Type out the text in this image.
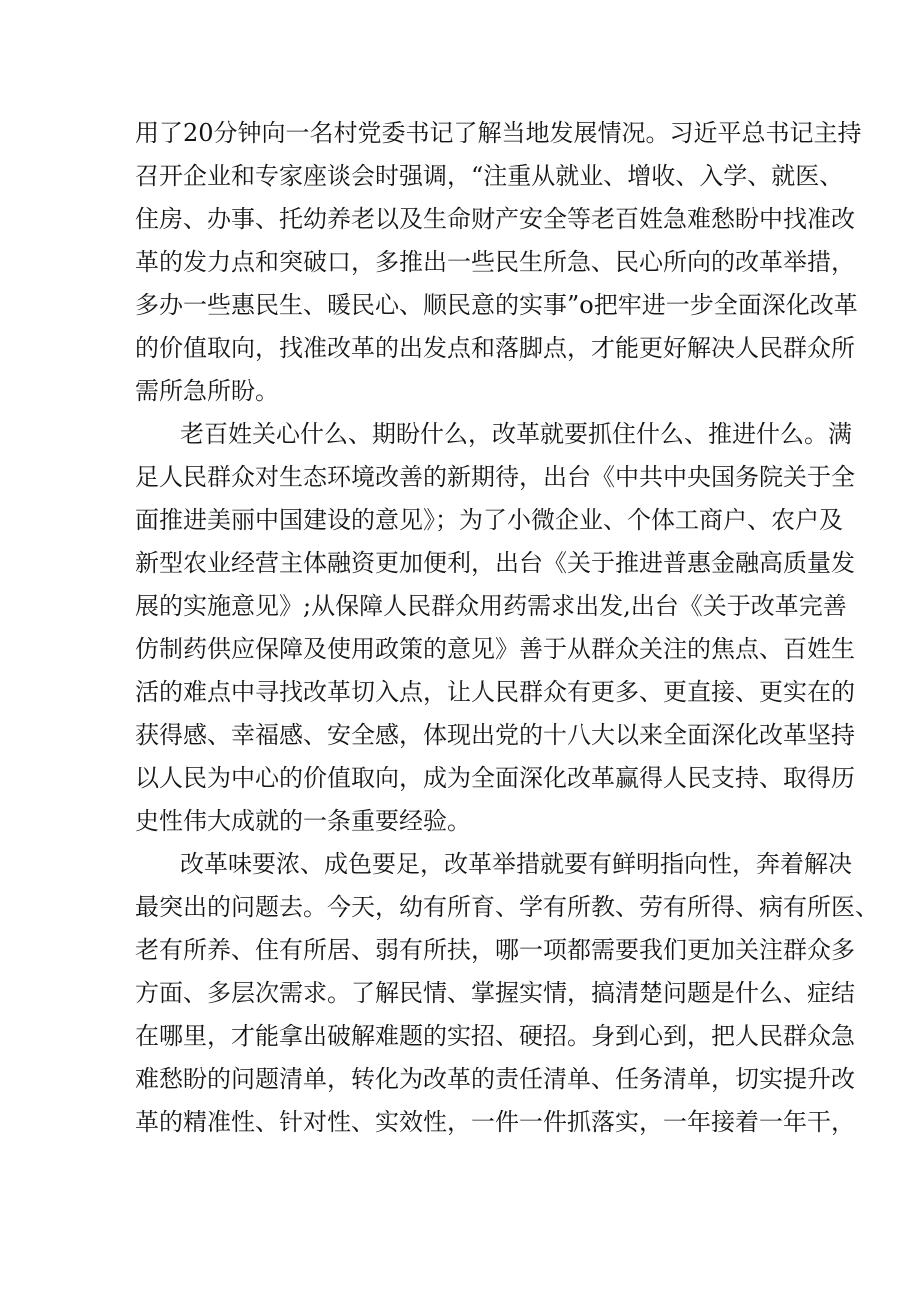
用了20分钟向一名村党委书记了解当地发展情况。习近平总书记主持
召开企业和专家座谈会时强调，“注重从就业、增收、入学、就医、
住房、办事、托幼养老以及生命财产安全等老百姓急难愁盼中找准改
革的发力点和突破口，多推出一些民生所急、民心所向的改革举措，
多办一些惠民生、暖民心、顺民意的实事”o把牢进一步全面深化改革
的价值取向，找准改革的出发点和落脚点，才能更好解决人民群众所
需所急所盼。
老百姓关心什么、期盼什么，改革就要抓住什么、推进什么。满
足人民群众对生态环境改善的新期待，出台《中共中央国务院关于全
面推进美丽中国建设的意见》；为了小微企业、个体工商户、农户及
新型农业经营主体融资更加便利，出台《关于推进普惠金融高质量发
展的实施意见》;从保障人民群众用药需求出发,出台《关于改革完善
仿制药供应保障及使用政策的意见》善于从群众关注的焦点、百姓生
活的难点中寻找改革切入点，让人民群众有更多、更直接、更实在的
获得感、幸福感、安全感，体现出党的十八大以来全面深化改革坚持
以人民为中心的价值取向，成为全面深化改革赢得人民支持、取得历
史性伟大成就的一条重要经验。
改革味要浓、成色要足，改革举措就要有鲜明指向性，奔着解决
最突出的问题去。今天，幼有所育、学有所教、劳有所得、病有所医、
老有所养、住有所居、弱有所扶，哪一项都需要我们更加关注群众多
方面、多层次需求。了解民情、掌握实情，搞清楚问题是什么、症结
在哪里，才能拿出破解难题的实招、硬招。身到心到，把人民群众急
难愁盼的问题清单，转化为改革的责任清单、任务清单，切实提升改
革的精准性、针对性、实效性，一件一件抓落实，一年接着一年干，
